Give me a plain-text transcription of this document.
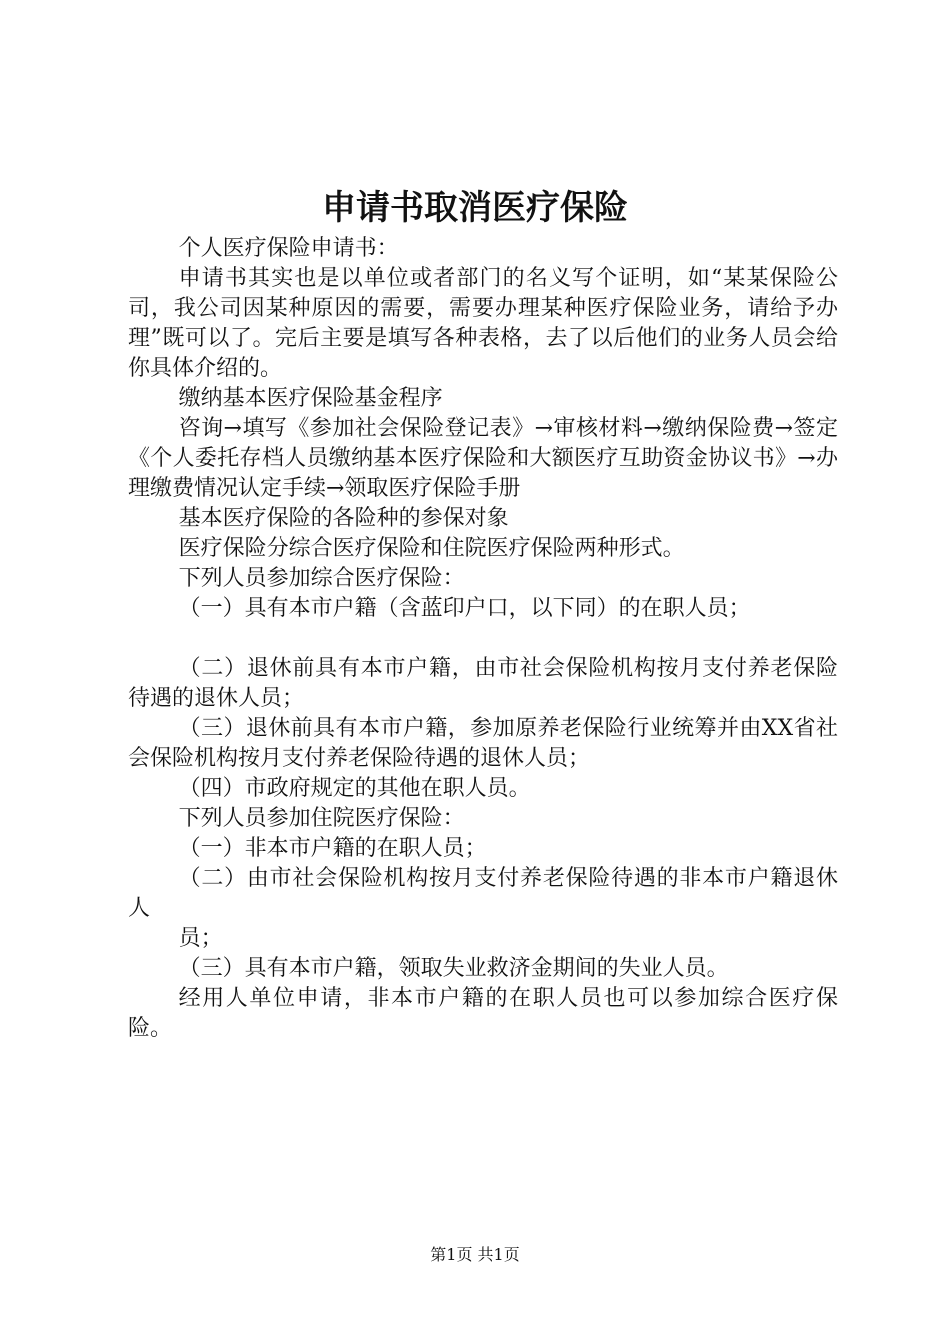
申请书取消医疗保险

个人医疗保险申请书：

申请书其实也是以单位或者部门的名义写个证明，如“某某保险公司，我公司因某种原因的需要，需要办理某种医疗保险业务，请给予办理”既可以了。完后主要是填写各种表格，去了以后他们的业务人员会给你具体介绍的。

缴纳基本医疗保险基金程序

咨询→填写《参加社会保险登记表》→审核材料→缴纳保险费→签定《个人委托存档人员缴纳基本医疗保险和大额医疗互助资金协议书》→办理缴费情况认定手续→领取医疗保险手册

基本医疗保险的各险种的参保对象

医疗保险分综合医疗保险和住院医疗保险两种形式。

下列人员参加综合医疗保险：

（一）具有本市户籍（含蓝印户口，以下同）的在职人员；

（二）退休前具有本市户籍，由市社会保险机构按月支付养老保险待遇的退休人员；

（三）退休前具有本市户籍，参加原养老保险行业统筹并由XX省社会保险机构按月支付养老保险待遇的退休人员；

（四）市政府规定的其他在职人员。

下列人员参加住院医疗保险：

（一）非本市户籍的在职人员；

（二）由市社会保险机构按月支付养老保险待遇的非本市户籍退休人

员；

（三）具有本市户籍，领取失业救济金期间的失业人员。

经用人单位申请，非本市户籍的在职人员也可以参加综合医疗保险。

第1页 共1页
